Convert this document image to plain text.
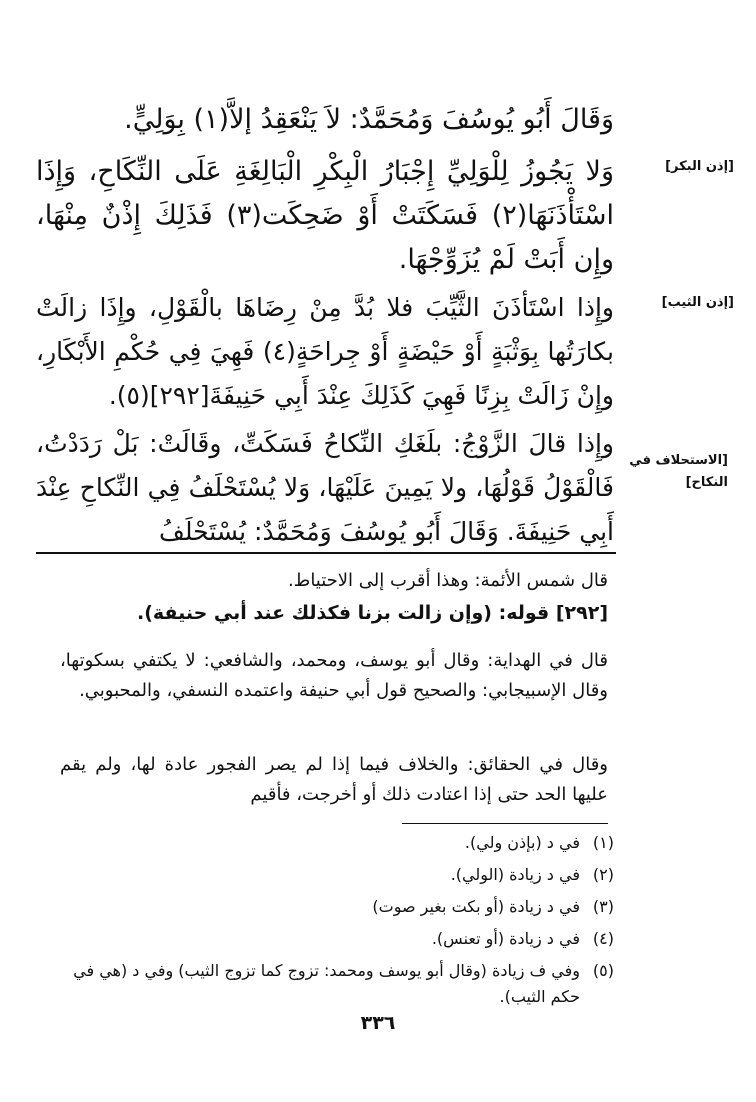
وَقَالَ أَبُو يُوسُفَ وَمُحَمَّدٌ: لاَ يَنْعَقِدُ إلاَّ(١) بِوَلِيٍّ.
[إذن البكر]
وَلا يَجُوزُ لِلْوَلِيِّ إِجْبَارُ الْبِكْرِ الْبَالِغَةِ عَلَى النِّكَاحِ، وَإِذَا اسْتَأْذَنَهَا(٢) فَسَكَتَتْ أَوْ ضَحِكَت(٣) فَذَلِكَ إِذْنٌ مِنْهَا، وإِن أَبَتْ لَمْ يُزَوِّجْهَا.
[إذن الثيب]
وإِذا اسْتَأذَنَ الثَّيِّبَ فلا بُدَّ مِنْ رِضَاهَا بالْقَوْلِ، وإِذَا زالَتْ بكارَتُها بِوَثْبَةٍ أَوْ حَيْضَةٍ أَوْ جِراحَةٍ(٤) فَهِيَ فِي حُكْمِ الأَبْكَارِ، وإِنْ زَالَتْ بِزِنًا فَهِيَ كَذَلِكَ عِنْدَ أَبِي حَنِيفَةَ[٢٩٢](٥).
[الاستحلاف في النكاح]
وإِذا قالَ الزَّوْجُ: بلَغَكِ النِّكاحُ فَسَكَتِّ، وقَالَتْ: بَلْ رَدَدْتُ، فَالْقَوْلُ قَوْلُهَا، ولا يَمِينَ عَلَيْهَا، وَلا يُسْتَحْلَفُ فِي النِّكاحِ عِنْدَ أَبِي حَنِيفَةَ. وَقَالَ أَبُو يُوسُفَ وَمُحَمَّدٌ: يُسْتَحْلَفُ
قال شمس الأئمة: وهذا أقرب إلى الاحتياط.
[٢٩٢] قوله: (وإن زالت بزنا فكذلك عند أبي حنيفة).
قال في الهداية: وقال أبو يوسف، ومحمد، والشافعي: لا يكتفي بسكوتها، وقال الإسبيجابي: والصحيح قول أبي حنيفة واعتمده النسفي، والمحبوبي.
وقال في الحقائق: والخلاف فيما إذا لم يصر الفجور عادة لها، ولم يقم عليها الحد حتى إذا اعتادت ذلك أو أخرجت، فأقيم
(١)
في د (بإذن ولي).
(٢)
في د زيادة (الولي).
(٣)
في د زيادة (أو بكت بغير صوت)
(٤)
في د زيادة (أو تعنس).
(٥)
وفي ف زيادة (وقال أبو يوسف ومحمد: تزوج كما تزوج الثيب) وفي د (هي في حكم الثيب).
٣٣٦
